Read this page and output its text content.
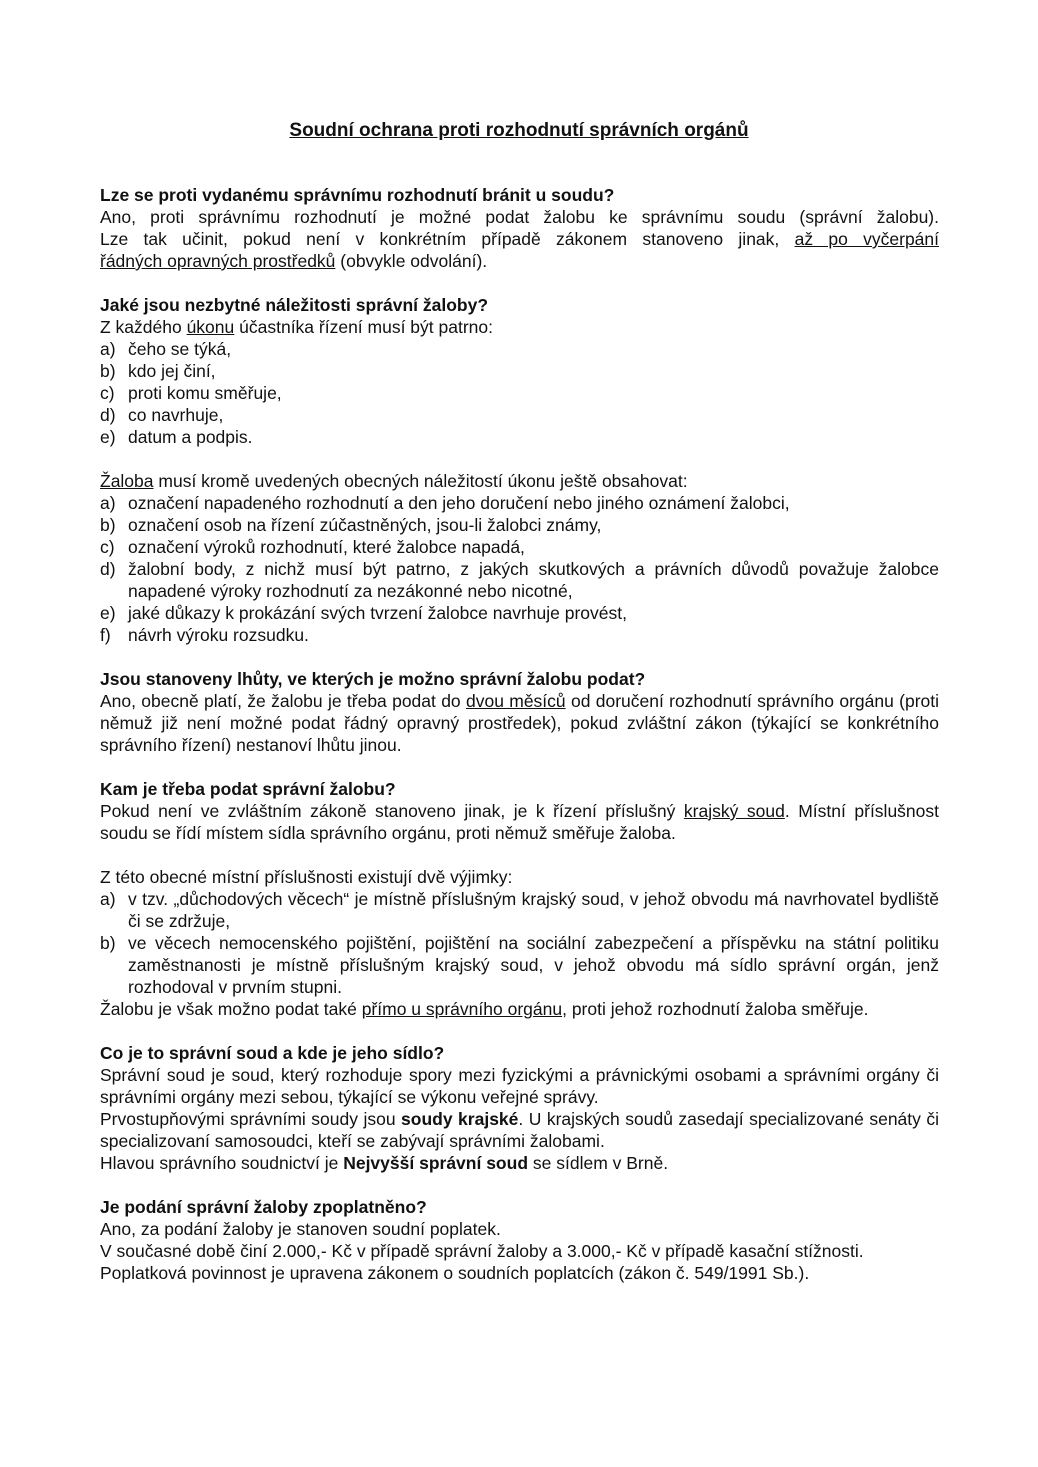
Soudní ochrana proti rozhodnutí správních orgánů

Lze se proti vydanému správnímu rozhodnutí bránit u soudu?

Ano, proti správnímu rozhodnutí je možné podat žalobu ke správnímu soudu (správní žalobu).

Lze tak učinit, pokud není v konkrétním případě zákonem stanoveno jinak, až po vyčerpání

řádných opravných prostředků (obvykle odvolání).

Jaké jsou nezbytné náležitosti správní žaloby?

Z každého úkonu účastníka řízení musí být patrno:

a) čeho se týká,
b) kdo jej činí,
c) proti komu směřuje,
d) co navrhuje,
e) datum a podpis.

Žaloba musí kromě uvedených obecných náležitostí úkonu ještě obsahovat:

a) označení napadeného rozhodnutí a den jeho doručení nebo jiného oznámení žalobci,
b) označení osob na řízení zúčastněných, jsou-li žalobci známy,
c) označení výroků rozhodnutí, které žalobce napadá,
d) žalobní body, z nichž musí být patrno, z jakých skutkových a právních důvodů považuje žalobce napadené výroky rozhodnutí za nezákonné nebo nicotné,
e) jaké důkazy k prokázání svých tvrzení žalobce navrhuje provést,
f) návrh výroku rozsudku.

Jsou stanoveny lhůty, ve kterých je možno správní žalobu podat?

Ano, obecně platí, že žalobu je třeba podat do dvou měsíců od doručení rozhodnutí správního orgánu (proti němuž již není možné podat řádný opravný prostředek), pokud zvláštní zákon (týkající se konkrétního správního řízení) nestanoví lhůtu jinou.

Kam je třeba podat správní žalobu?

Pokud není ve zvláštním zákoně stanoveno jinak, je k řízení příslušný krajský soud. Místní příslušnost soudu se řídí místem sídla správního orgánu, proti němuž směřuje žaloba.

Z této obecné místní příslušnosti existují dvě výjimky:

a) v tzv. „důchodových věcech“ je místně příslušným krajský soud, v jehož obvodu má navrhovatel bydliště či se zdržuje,
b) ve věcech nemocenského pojištění, pojištění na sociální zabezpečení a příspěvku na státní politiku zaměstnanosti je místně příslušným krajský soud, v jehož obvodu má sídlo správní orgán, jenž rozhodoval v prvním stupni.

Žalobu je však možno podat také přímo u správního orgánu, proti jehož rozhodnutí žaloba směřuje.

Co je to správní soud a kde je jeho sídlo?

Správní soud je soud, který rozhoduje spory mezi fyzickými a právnickými osobami a správními orgány či správními orgány mezi sebou, týkající se výkonu veřejné správy.

Prvostupňovými správními soudy jsou soudy krajské. U krajských soudů zasedají specializované senáty či specializovaní samosoudci, kteří se zabývají správními žalobami.

Hlavou správního soudnictví je Nejvyšší správní soud se sídlem v Brně.

Je podání správní žaloby zpoplatněno?

Ano, za podání žaloby je stanoven soudní poplatek.

V současné době činí 2.000,- Kč v případě správní žaloby a 3.000,- Kč v případě kasační stížnosti.

Poplatková povinnost je upravena zákonem o soudních poplatcích (zákon č. 549/1991 Sb.).
